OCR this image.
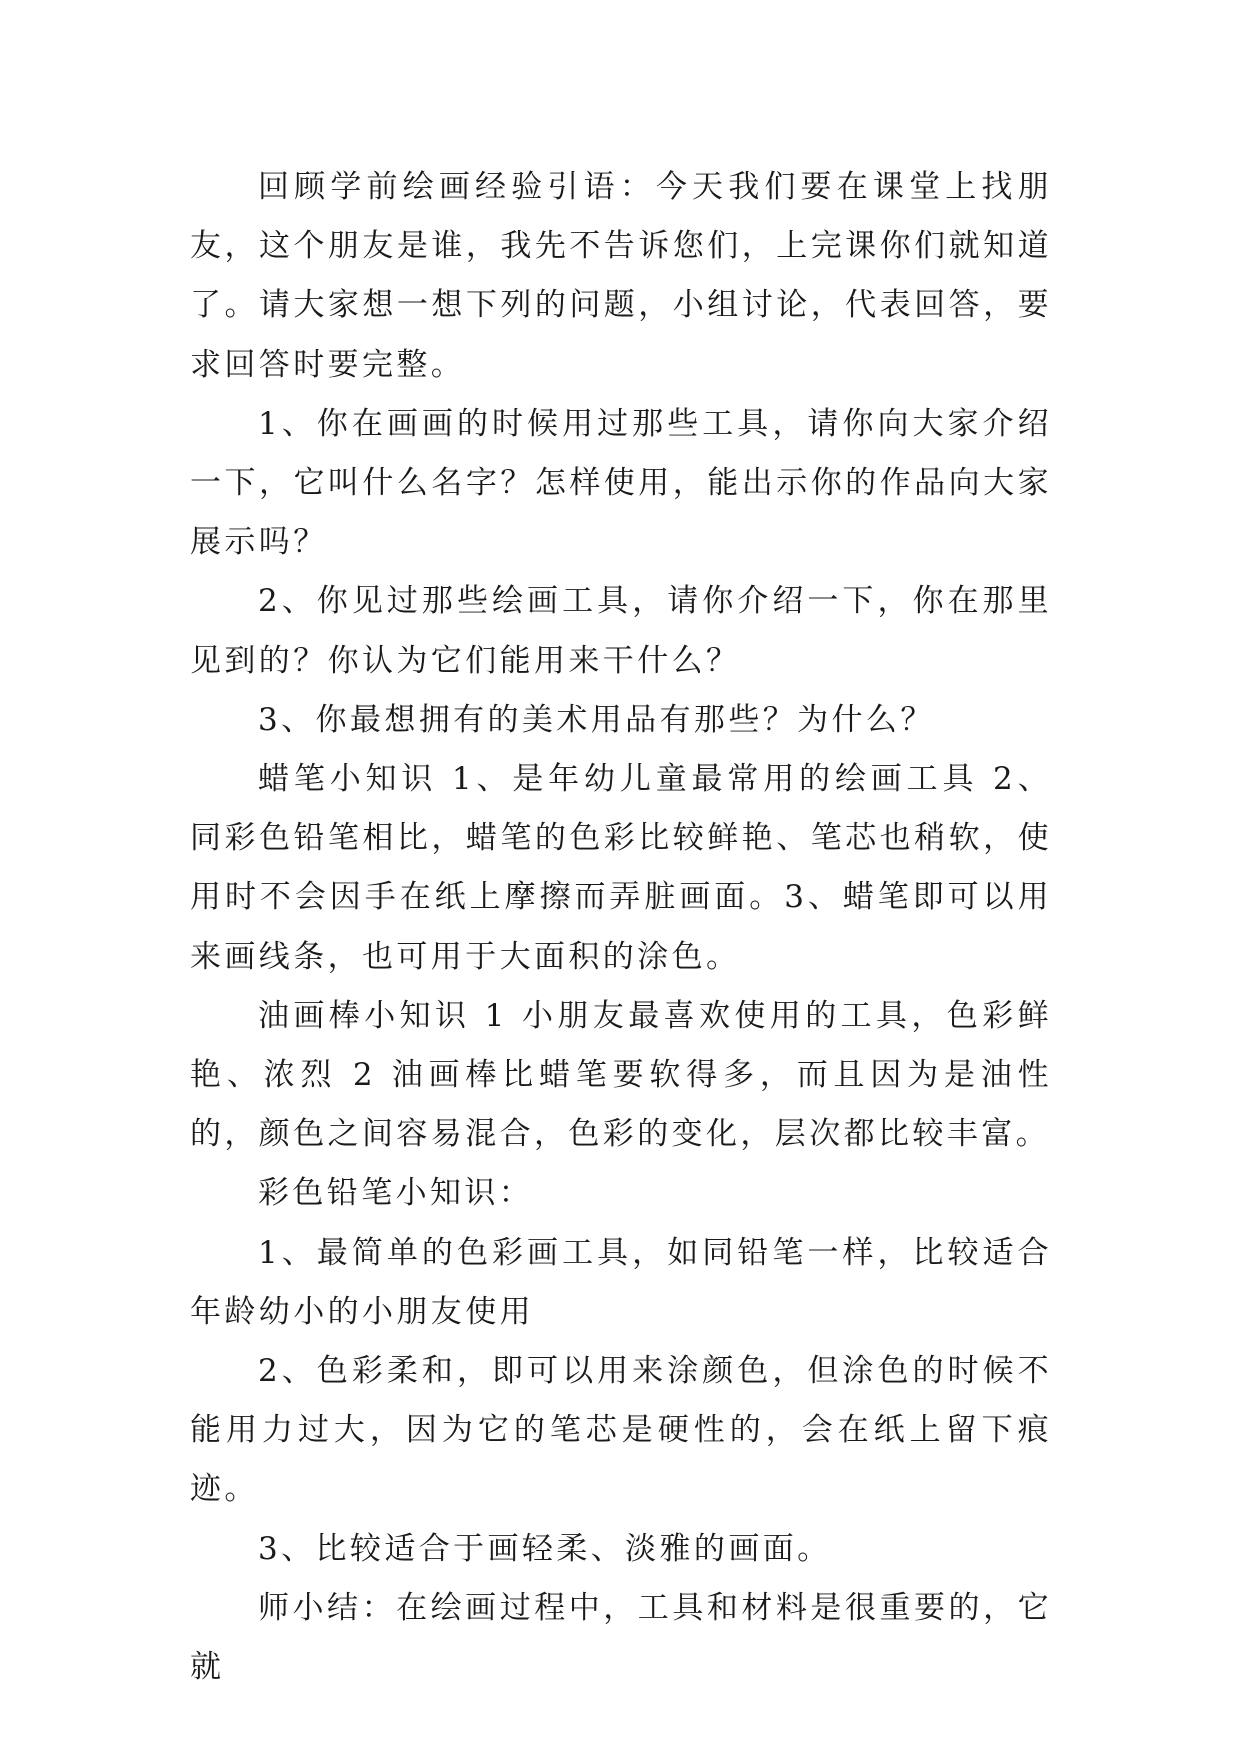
回顾学前绘画经验引语：今天我们要在课堂上找朋友，这个朋友是谁，我先不告诉您们，上完课你们就知道了。请大家想一想下列的问题，小组讨论，代表回答，要求回答时要完整。

1、你在画画的时候用过那些工具，请你向大家介绍一下，它叫什么名字？怎样使用，能出示你的作品向大家展示吗？

2、你见过那些绘画工具，请你介绍一下，你在那里见到的？你认为它们能用来干什么？

3、你最想拥有的美术用品有那些？为什么？

蜡笔小知识 1、是年幼儿童最常用的绘画工具 2、同彩色铅笔相比，蜡笔的色彩比较鲜艳、笔芯也稍软，使用时不会因手在纸上摩擦而弄脏画面。3、蜡笔即可以用来画线条，也可用于大面积的涂色。

油画棒小知识 1 小朋友最喜欢使用的工具，色彩鲜艳、浓烈 2 油画棒比蜡笔要软得多，而且因为是油性的，颜色之间容易混合，色彩的变化，层次都比较丰富。

彩色铅笔小知识：

1、最简单的色彩画工具，如同铅笔一样，比较适合年龄幼小的小朋友使用

2、色彩柔和，即可以用来涂颜色，但涂色的时候不能用力过大，因为它的笔芯是硬性的，会在纸上留下痕迹。

3、比较适合于画轻柔、淡雅的画面。

师小结：在绘画过程中，工具和材料是很重要的，它就
